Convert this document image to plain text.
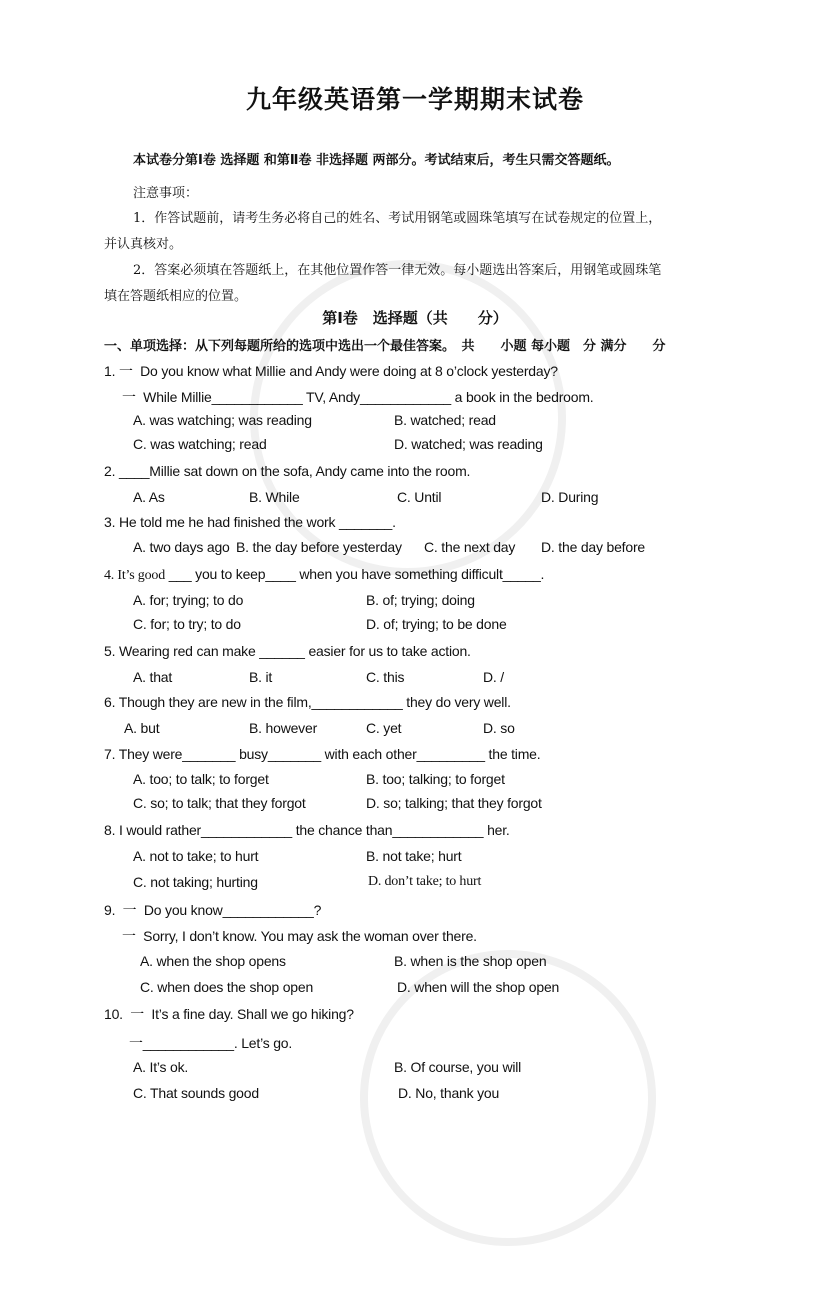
九年级英语第一学期期末试卷
本试卷分第Ⅰ卷 选择题 和第Ⅱ卷 非选择题 两部分。考试结束后，考生只需交答题纸。
注意事项：
1．作答试题前，请考生务必将自己的姓名、考试用钢笔或圆珠笔填写在试卷规定的位置上，
并认真核对。
2．答案必须填在答题纸上，在其他位置作答一律无效。每小题选出答案后，用钢笔或圆珠笔
填在答题纸相应的位置。
第Ⅰ卷　选择题（共　　分）
一、单项选择：从下列每题所给的选项中选出一个最佳答案。　共　　小题 每小题　分 满分　　分
1. 一  Do you know what Millie and Andy were doing at 8 o’clock yesterday?
一  While Millie____________ TV, Andy____________ a book in the bedroom.
A. was watching; was reading	B. watched; read
C. was watching; read	D. watched; was reading
2. ____Millie sat down on the sofa, Andy came into the room.
A. As	B. While	C. Until	D. During
3. He told me he had finished the work _______.
A. two days ago B. the day before yesterday C. the next day D. the day before
4. It’s good ___ you to keep____ when you have something difficult_____.
A. for; trying; to do	B. of; trying; doing
C. for; to try; to do	D. of; trying; to be done
5. Wearing red can make ______ easier for us to take action.
A. that	B. it	C. this	D. /
6. Though they are new in the film,____________ they do very well.
A. but	B. however	C. yet	D. so
7. They were_______ busy_______ with each other_________ the time.
A. too; to talk; to forget	B. too; talking; to forget
C. so; to talk; that they forgot	D. so; talking; that they forgot
8. I would rather____________ the chance than____________ her.
A. not to take; to hurt	B. not take; hurt
C. not taking; hurting	D. don’t take; to hurt
9.  一  Do you know____________?
一  Sorry, I don’t know. You may ask the woman over there.
A. when the shop opens	B. when is the shop open
C. when does the shop open	D. when will the shop open
10.  一  It’s a fine day. Shall we go hiking?
一____________. Let’s go.
A. It’s ok.	B. Of course, you will
C. That sounds good	D. No, thank you
